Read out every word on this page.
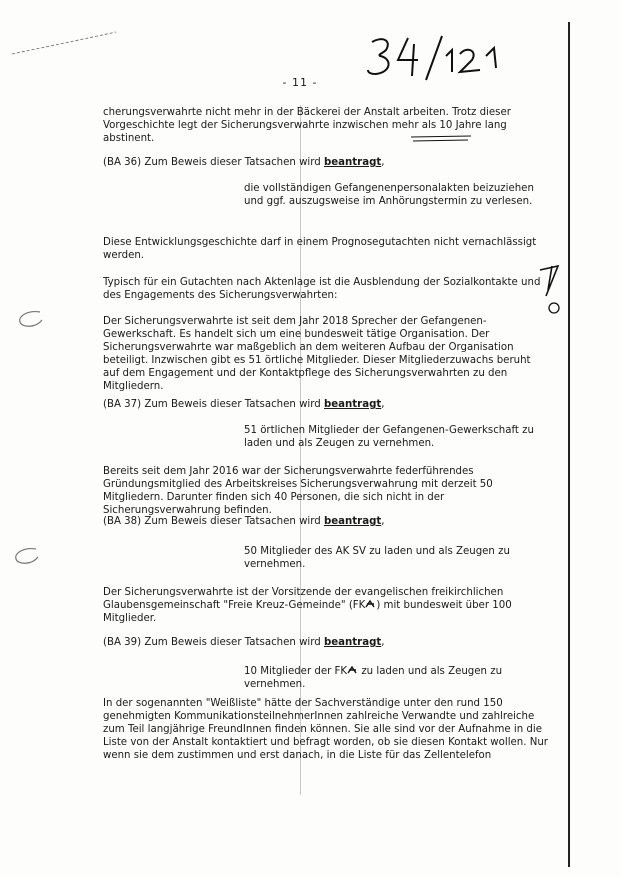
- 11 -

cherungsverwahrte nicht mehr in der Bäckerei der Anstalt arbeiten. Trotz dieser Vorgeschichte legt der Sicherungsverwahrte inzwischen mehr als 10 Jahre lang abstinent.

(BA 36) Zum Beweis dieser Tatsachen wird beantragt,

die vollständigen Gefangenenpersonalakten beizuziehen und ggf. auszugsweise im Anhörungstermin zu verlesen.

Diese Entwicklungsgeschichte darf in einem Prognosegutachten nicht vernachlässigt werden.

Typisch für ein Gutachten nach Aktenlage ist die Ausblendung der Sozialkontakte und des Engagements des Sicherungsverwahrten:

Der Sicherungsverwahrte ist seit dem Jahr 2018 Sprecher der Gefangenen-Gewerkschaft. Es handelt sich um eine bundesweit tätige Organisation. Der Sicherungsverwahrte war maßgeblich an dem weiteren Aufbau der Organisation beteiligt. Inzwischen gibt es 51 örtliche Mitglieder. Dieser Mitgliederzuwachs beruht auf dem Engagement und der Kontaktpflege des Sicherungsverwahrten zu den Mitgliedern.

(BA 37) Zum Beweis dieser Tatsachen wird beantragt,

51 örtlichen Mitglieder der Gefangenen-Gewerkschaft zu laden und als Zeugen zu vernehmen.

Bereits seit dem Jahr 2016 war der Sicherungsverwahrte federführendes Gründungsmitglied des Arbeitskreises Sicherungsverwahrung mit derzeit 50 Mitgliedern. Darunter finden sich 40 Personen, die sich nicht in der Sicherungsverwahrung befinden.

(BA 38) Zum Beweis dieser Tatsachen wird beantragt,

50 Mitglieder des AK SV zu laden und als Zeugen zu vernehmen.

Der Sicherungsverwahrte ist der Vorsitzende der evangelischen freikirchlichen Glaubensgemeinschaft "Freie Kreuz-Gemeinde" (FK ) mit bundesweit über 100 Mitglieder.

(BA 39) Zum Beweis dieser Tatsachen wird beantragt,

10 Mitglieder der FK zu laden und als Zeugen zu vernehmen.

In der sogenannten "Weißliste" hätte der Sachverständige unter den rund 150 genehmigten KommunikationsteilnehmerInnen zahlreiche Verwandte und zahlreiche zum Teil langjährige FreundInnen finden können. Sie alle sind vor der Aufnahme in die Liste von der Anstalt kontaktiert und befragt worden, ob sie diesen Kontakt wollen. Nur wenn sie dem zustimmen und erst danach, in die Liste für das Zellentelefon
